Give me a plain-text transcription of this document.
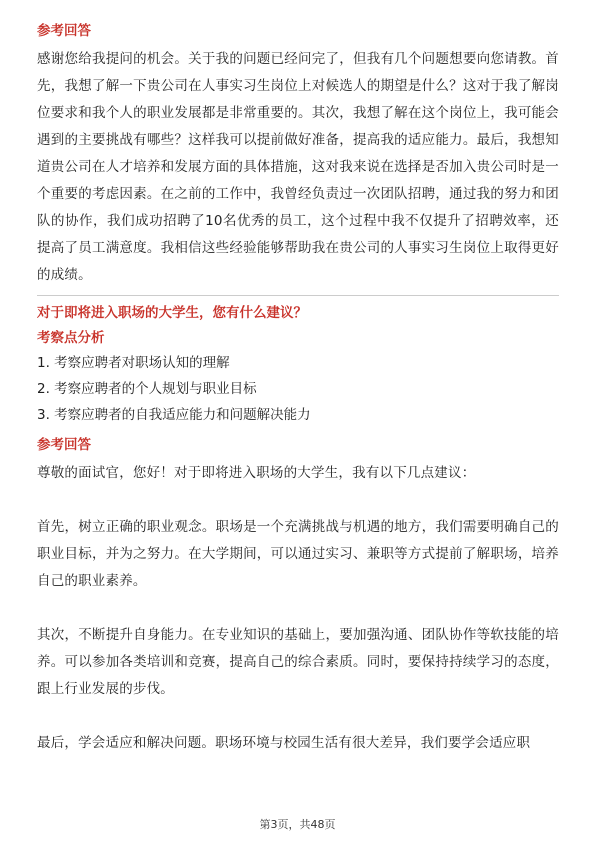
参考回答

感谢您给我提问的机会。关于我的问题已经问完了，但我有几个问题想要向您请教。首先，我想了解一下贵公司在人事实习生岗位上对候选人的期望是什么？这对于我了解岗位要求和我个人的职业发展都是非常重要的。其次，我想了解在这个岗位上，我可能会遇到的主要挑战有哪些？这样我可以提前做好准备，提高我的适应能力。最后，我想知道贵公司在人才培养和发展方面的具体措施，这对我来说在选择是否加入贵公司时是一个重要的考虑因素。在之前的工作中，我曾经负责过一次团队招聘，通过我的努力和团队的协作，我们成功招聘了10名优秀的员工，这个过程中我不仅提升了招聘效率，还提高了员工满意度。我相信这些经验能够帮助我在贵公司的人事实习生岗位上取得更好的成绩。

对于即将进入职场的大学生，您有什么建议？

考察点分析

1. 考察应聘者对职场认知的理解

2. 考察应聘者的个人规划与职业目标

3. 考察应聘者的自我适应能力和问题解决能力

参考回答

尊敬的面试官，您好！对于即将进入职场的大学生，我有以下几点建议：

首先，树立正确的职业观念。职场是一个充满挑战与机遇的地方，我们需要明确自己的职业目标，并为之努力。在大学期间，可以通过实习、兼职等方式提前了解职场，培养自己的职业素养。

其次，不断提升自身能力。在专业知识的基础上，要加强沟通、团队协作等软技能的培养。可以参加各类培训和竞赛，提高自己的综合素质。同时，要保持持续学习的态度，跟上行业发展的步伐。

最后，学会适应和解决问题。职场环境与校园生活有很大差异，我们要学会适应职

第3页，共48页
